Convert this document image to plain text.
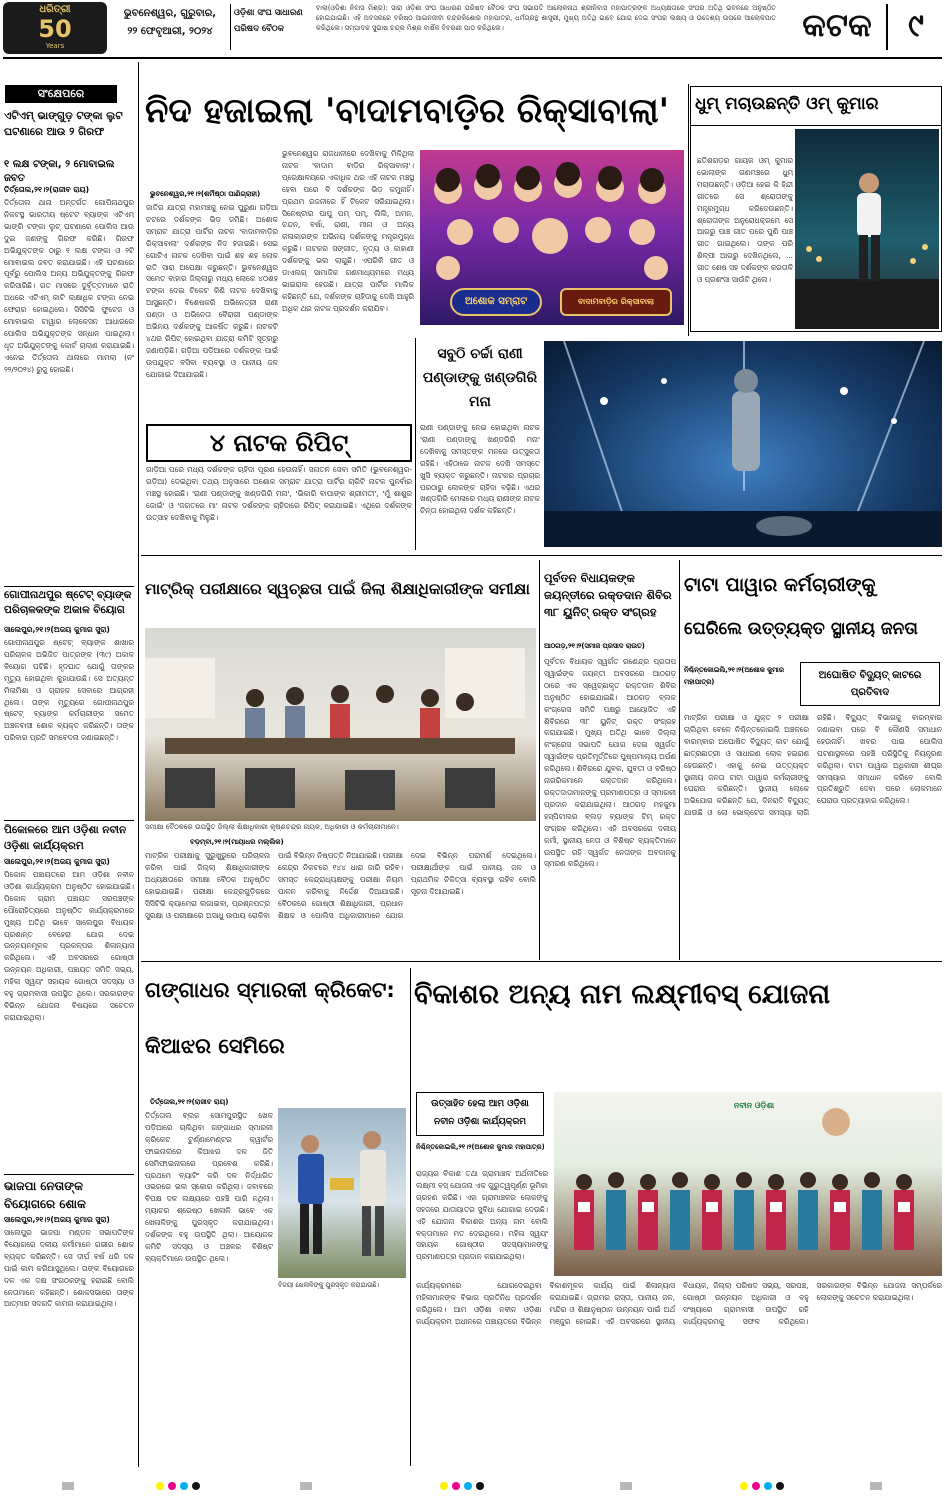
ଧରିତ୍ରୀ
50
Years
ଭୁବନେଶ୍ୱର, ଗୁରୁବାର,
୨୨ ଫେବୃଆରୀ, ୨୦୨୪
ଓଡ଼ିଶା ସଂଘ ସାଧାରଣ
ପରିଷଦ ବୈଠକ
ବାଲା(ଓଡ଼ିଶା ନିବାସ ମିଶ୍ର): ସାରା ଓଡ଼ିଶା ସଂଘ ସାଧାରଣ ପରିଷଦ ବୈଠକ ସଂଘ ସଭାପତି ଆଲୋକନାଥ ଶ୍ରୀନିବାସ ମହାପାତ୍ରଙ୍କ ଅଧ୍ୟକ୍ଷତାରେ ସଂଘର ଅତିଥି ଭବନରେ ଅନୁଷ୍ଠିତ ହୋଇଯାଇଛି। ଏହି ଅବସରରେ ବରିଷ୍ଠ ଆଇନଜୀବୀ ଚନ୍ଦ୍ରକିଶୋର ମହାପାତ୍ର, ଧର୍ମଗ୍ରନ୍ଥ ଶାସ୍ତ୍ରୀ, ମୁଖ୍ୟ ଅତିଥି ଭାବେ ଯୋଗ ଦେଇ ସଂଘର ଲକ୍ଷ୍ୟ ଓ ଉଦ୍ଦେଶ୍ୟ ଉପରେ ଆଲୋକପାତ କରିଥିଲେ। ସମ୍ପାଦକ ସୁଭାଷ ଚନ୍ଦ୍ର ମିଶ୍ର ବାର୍ଷିକ ବିବରଣୀ ପାଠ କରିଥିଲେ।	କଟକ	୯
ସଂକ୍ଷେପରେ
ଏଟିଏମ୍ ଭାଙ୍ଗୁଡ଼ ଟଙ୍କା ଲୁଟ ଘଟଣାରେ ଆଉ ୨ ଗିରଫ
୧ ଲକ୍ଷ ଟଙ୍କା, ୨ ମୋବାଇଲ ଜବତ
ତିର୍ତ୍ତୋଲ,୨୧।୨(ରାଜୀବ ରାୟ)
ତିର୍ତ୍ତୋଲ ଥାନା ଅନ୍ତର୍ଗତ ଗୋପିନାଥପୁର ନିକଟସ୍ଥ ଭାରତୀୟ ଷ୍ଟେଟ ବ୍ୟାଙ୍କ ଏଟିଏମ୍ ଭାଙ୍ଗି ଟଙ୍କା ଲୁଟ୍ ଘଟଣାରେ ପୋଲିସ ଆଉ ଦୁଇ ଜଣଙ୍କୁ ଗିରଫ କରିଛି। ଗିରଫ ଅଭିଯୁକ୍ତଙ୍କ ଠାରୁ ୧ ଲକ୍ଷ ଟଙ୍କା ଓ ୨ଟି ମୋବାଇଲ ଜବତ କରାଯାଇଛି। ଏହି ଘଟଣାରେ ପୂର୍ବରୁ ପୋଲିସ ଅନ୍ୟ ଅଭିଯୁକ୍ତଙ୍କୁ ଗିରଫ କରିସାରିଛି। ଗତ ମାସରେ ଦୁର୍ବୃତ୍ତମାନେ ରାତି ଅଧରେ ଏଟିଏମ୍ କାଟି ଲକ୍ଷାଧିକ ଟଙ୍କା ନେଇ ଫେରାର ହୋଇଥିଲେ। ସିସିଟିଭି ଫୁଟେଜ ଓ ମୋବାଇଲ ଟାୱାର ଲୋକେସନ ଆଧାରରେ ପୋଲିସ ଅଭିଯୁକ୍ତଙ୍କ ସନ୍ଧାନ ପାଇଥିଲା। ଧୃତ ଅଭିଯୁକ୍ତଙ୍କୁ କୋର୍ଟ ଚାଲାଣ କରାଯାଇଛି। ଏନେଇ ତିର୍ତ୍ତୋଲ ଥାନାରେ ମାମଲା (ନଂ ୨୨/୨୦୨୪) ରୁଜୁ ହୋଇଛି।
ଗୋପୀନାଥପୁର ଷ୍ଟେଟ୍ ବ୍ୟାଙ୍କ ପରିଚାଳକଙ୍କ ଅକାଳ ବିୟୋଗ
ସାଲେପୁର,୨୧।୨(ଅଜୟ କୁମାର ସୁରା)
ଗୋପୀନାଥପୁର ଷ୍ଟେଟ୍ ବ୍ୟାଙ୍କ ଶାଖାର ପରିଚାଳକ ଅଭିଜିତ ପାତ୍ରଙ୍କ (୩୯) ଅକାଳ ବିୟୋଗ ଘଟିଛି। ହୃଦଘାତ ଯୋଗୁଁ ତାଙ୍କର ମୃତ୍ୟୁ ହୋଇଥିବା କୁହାଯାଉଛି। ସେ ଅତ୍ୟନ୍ତ ମିଳାମିଶା ଓ ଗ୍ରାହକ ସେବାରେ ଆଗ୍ରହୀ ଥିଲେ। ତାଙ୍କ ମୃତ୍ୟୁରେ ଗୋପୀନାଥପୁର ଷ୍ଟେଟ୍ ବ୍ୟାଙ୍କ କର୍ମଚାରୀଙ୍କ ସମେତ ଅଞ୍ଚଳବାସୀ ଶୋକ ବ୍ୟକ୍ତ କରିଛନ୍ତି। ତାଙ୍କ ପରିବାର ପ୍ରତି ସମବେଦନା ଜଣାଇଛନ୍ତି।
ପିକୋଳରେ ଆମ ଓଡ଼ିଶା ନବୀନ ଓଡ଼ିଶା କାର୍ଯ୍ୟକ୍ରମ
ସାଲେପୁର,୨୧।୨(ଅଜୟ କୁମାର ସୁରା)
ପିକୋଳ ପଞ୍ଚାୟତରେ ଆମ ଓଡ଼ିଶା ନବୀନ ଓଡ଼ିଶା କାର୍ଯ୍ୟକ୍ରମ ଅନୁଷ୍ଠିତ ହୋଇଯାଇଛି। ପିକୋଳ ଗ୍ରାମ ପଞ୍ଚାୟତ ସରପଞ୍ଚଙ୍କ ପୌରୋହିତ୍ୟରେ ଅନୁଷ୍ଠିତ କାର୍ଯ୍ୟକ୍ରମରେ ମୁଖ୍ୟ ଅତିଥି ଭାବେ ସାଲେପୁର ବିଧାୟକ ପ୍ରଶାନ୍ତ ବେହେରା ଯୋଗ ଦେଇ ଉନ୍ନୟନମୂଳକ ପ୍ରକଳ୍ପର ଶିଳାନ୍ୟାସ କରିଥିଲେ। ଏହି ଅବସରରେ ଗୋଷ୍ଠୀ ଉନ୍ନୟନ ଅଧିକାରୀ, ପଞ୍ଚାୟତ ସମିତି ସଭ୍ୟ, ମହିଳା ସ୍ୱୟଂ ସହାୟକ ଗୋଷ୍ଠୀ ସଦସ୍ୟା ଓ ବହୁ ଗ୍ରାମବାସୀ ଉପସ୍ଥିତ ଥିଲେ। ସରକାରଙ୍କ ବିଭିନ୍ନ ଯୋଜନା ବିଷୟରେ ସଚେତନ କରାଯାଇଥିଲା।
ଭାଜପା ନେତାଙ୍କ ବିୟୋଗରେ ଶୋକ
ସାଲେପୁର,୨୧।୨(ଅଜୟ କୁମାର ସୁରା)
ସାଲେପୁର ଭାଜପା ମଣ୍ଡଳ ସଭାପତିଙ୍କ ବିୟୋଗରେ ଦଳୀୟ କର୍ମୀମାନେ ଗଭୀର ଶୋକ ବ୍ୟକ୍ତ କରିଛନ୍ତି। ସେ ଦୀର୍ଘ ବର୍ଷ ଧରି ଦଳ ପାଇଁ କାମ କରିଆସୁଥିଲେ। ତାଙ୍କ ବିୟୋଗରେ ଦଳ ଏକ ଦକ୍ଷ ସଂଗଠକଙ୍କୁ ହରାଇଛି ବୋଲି ନେତାମାନେ କହିଛନ୍ତି। ଶୋକସଭାରେ ତାଙ୍କ ଆତ୍ମାର ସଦଗତି କାମନା କରାଯାଇଥିଲା।
ନିଦ ହଜାଇଲା 'ବାଦାମବାଡ଼ିର ରିକ୍ସାବାଲା'
ଭୁବନେଶ୍ୱର,୨୧।୨(ଶର୍ମିଷ୍ଠା ପାଣିଗ୍ରାହୀ)
ଜାତିର ଯାତ୍ରା ମହାମଞ୍ଚକୁ ନେଇ ପୁରୁଣା ଗଡ଼ିଆ ଚଟରେ ଦର୍ଶକଙ୍କ ଭିଡ଼ ଜମିଛି। ଅଶୋକ ସମ୍ରାଟ ଯାତ୍ରା ପାର୍ଟିର ନାଟକ 'ବାଦାମବାଡ଼ିର ରିକ୍ସାବାଲା' ଦର୍ଶକଙ୍କ ନିଦ ହଜାଇଛି। ସେଇ ଗୋଟିଏ ନାଟକ ଦେଖିବା ପାଇଁ ଶହ ଶହ ଲୋକ ରାତି ସାରା ଅପେକ୍ଷା କରୁଛନ୍ତି। ଭୁବନେଶ୍ୱର ସମେତ ବାହାର ଜିଲ୍ଲାରୁ ମଧ୍ୟ ଲୋକେ ୪୦ଶହ ଟଙ୍କା ଦେଇ ଟିକେଟ କିଣି ନାଟକ ଦେଖିବାକୁ ଆସୁଛନ୍ତି। ବିଶେଷକରି ଅଭିନେତ୍ରୀ ରାଣୀ ପଣ୍ଡା ଓ ଅଭିନେତା ବୈରାଗୀ ପଣ୍ଡାଙ୍କ ଅଭିନୟ ଦର୍ଶକଙ୍କୁ ଆକର୍ଷିତ କରୁଛି। ନାଟକଟି ୪ଥର ରିପିଟ୍ ହୋଇଥିବା ଯାତ୍ରା କମିଟି ସୂତ୍ରରୁ ଜଣାପଡ଼ିଛି। ଗଡ଼ିଆ ପଡ଼ିଆରେ ଦର୍ଶକଙ୍କ ପାଇଁ ଉପଯୁକ୍ତ ବସିବା ବ୍ୟବସ୍ଥା ଓ ପାନୀୟ ଜଳ ଯୋଗାଇ ଦିଆଯାଇଛି।
ଭୁବନେଶ୍ୱର ରାଜଧାନୀରେ ଦେଖିବାକୁ ମିଳିଥିଲା ନାଟକ 'ବାଦାମ ବାଡ଼ିର ରିକ୍ସାବାଲା'। ପ୍ରେକ୍ଷାଳୟରେ ଏକାଧିକ ଥର ଏହି ନାଟକ ମଞ୍ଚସ୍ଥ ହେବା ପରେ ବି ଦର୍ଶକଙ୍କ ଭିଡ଼ କମୁନାହିଁ। ପ୍ରଥମ ରଜନୀରେ ହିଁ ଟିକେଟ ସରିଯାଇଥିଲା। ସିନେଷ୍ଟାର ପାପୁ ପମ୍ ପମ୍, ଲିଲି, ଅମନ, ଚନ୍ଦନ, ବର୍ଷା, ରାଣୀ, ମୀନା ଓ ଅନ୍ୟ କଳାକାରଙ୍କ ଅଭିନୟ ଦର୍ଶକଙ୍କୁ ମନ୍ତ୍ରମୁଗ୍ଧ କରୁଛି। ନାଟକର ସଙ୍ଗୀତ, ନୃତ୍ୟ ଓ କାହାଣୀ ଦର୍ଶକଙ୍କୁ ଭଲ ଲାଗୁଛି। ଏପରିକି ଗୀତ ଓ ଡାଏଲଗ୍ ସାମାଜିକ ଗଣମାଧ୍ୟମରେ ମଧ୍ୟ ଭାଇରାଲ ହେଉଛି। ଯାତ୍ରା ପାର୍ଟିର ମାଲିକ କହିଛନ୍ତି ଯେ, ଦର୍ଶକଙ୍କ ଚାହିଦାକୁ ଦେଖି ଆହୁରି ଅଧିକ ଥର ନାଟକ ପ୍ରଦର୍ଶନ କରାଯିବ।
ଅଶୋକ ସମ୍ରାଟ	ବାଦାମବାଡ଼ିର ରିକ୍ସାବାଲା
ଧୁମ୍ ମଚାଉଛନ୍ତି ଓମ୍ କୁମାର
ଛତିଶଗଡ଼ର ଗାୟକ ଓମ୍ କୁମାର ଭୋଲାଙ୍କ ଗଣମଞ୍ଚରେ ଧୁମ୍ ମଚାଉଛନ୍ତି। ଓଡ଼ିଆ ହେଇ କି ହିନ୍ଦୀ ଗୀତରେ ସେ ଶ୍ରୋତାଙ୍କୁ ମନ୍ତ୍ରମୁଗ୍ଧ କରିଦେଉଛନ୍ତି। ଶ୍ରୋତାଙ୍କ ଅନୁରୋଧକ୍ରମେ ସେ ଆଗରୁ ପାଞ୍ଚ ଗୀତ ପରେ ପୁଣି ପାଞ୍ଚ ଗୀତ ଗାଇଥିଲେ। ତାଙ୍କ ପରି ଶିଳ୍ପୀ ଆଗରୁ ଦେଖିନଥିଲେ, ... ଗୀତ ଶେଷ ସହ ଦର୍ଶକଙ୍କ କରତାଳି ଓ ପ୍ରଶଂସା ସାଉଁଟି ଥିଲେ।
ସବୁଠି ଚର୍ଚ୍ଚା ରାଣୀ ପଣ୍ଡାଙ୍କୁ ଖଣ୍ଡଗିରି ମନା
ରାଣୀ ପଣ୍ଡାଙ୍କୁ ନେଇ ହୋଇଥିବା ନାଟକ 'ରାଣୀ ପଣ୍ଡାଙ୍କୁ ଖଣ୍ଡଗିରି ମନା' ଦେଖିବାକୁ ସମସ୍ତଙ୍କ ମନରେ ଉତ୍ସୁକତା ରହିଛି। ଏହିଠାରେ ନାଟକ ଦେଖି ସମସ୍ତେ ଖୁସି ବ୍ୟକ୍ତ କରୁଛନ୍ତି। ନାଟକର ପ୍ରଚାର ପରଠାରୁ ଲୋକଙ୍କ ଚାହିଦା ବଢ଼ିଛି। ଏଥର ଖଣ୍ଡଗିରି ମେଳାରେ ମଧ୍ୟ ରାଣୀଙ୍କ ନାଟକ ଚିନ୍ତା ହୋଇଥିଲା ଦର୍ଶକ କହିଛନ୍ତି।
୪ ନାଟକ ରିପିଟ୍
ଗାଡ଼ିଆ ପରେ ମଧ୍ୟ ଦର୍ଶକଙ୍କ ଚାହିଦା ପୂରଣ ହେଉନାହିଁ। ସନାତନ ସେବା ସମିତି (ଭୁବନେଶ୍ୱର-ଗଡ଼ିଆ) ଦେଇଥିବା ତଥ୍ୟ ଅନୁସାରେ ଅଶୋକ ସମ୍ରାଟ ଯାତ୍ରା ପାର୍ଟିର ଚାରିଟି ନାଟକ ପୁନର୍ବାର ମଞ୍ଚସ୍ଥ ହୋଇଛି। 'ରାଣୀ ପଣ୍ଡାଙ୍କୁ ଖଣ୍ଡଗିରି ମନା', 'ଭିକାରି ବାପାଙ୍କ ଶ୍ରୀମତୀ', 'ମୁଁ ଶାଶୁର ଜୋଇଁ' ଓ 'ଜଗତରେ ମା' ନାଟକ ଦର୍ଶକଙ୍କ ଚାହିଦାରେ ରିପିଟ୍ କରାଯାଇଛି। ଏଥିରେ ଦର୍ଶକଙ୍କ ଉତ୍ସାହ ଦେଖିବାକୁ ମିଳୁଛି।
ମାଟ୍ରିକ୍ ପରୀକ୍ଷାରେ ସ୍ୱଚ୍ଛତା ପାଇଁ ଜିଲା ଶିକ୍ଷାଧିକାରୀଙ୍କ ସମୀକ୍ଷା
ସମୀକ୍ଷା ବୈଠକରେ ଉପସ୍ଥିତ ଜିଲ୍ଲା ଶିକ୍ଷାଧିକାରୀ କୃଷ୍ଣଚନ୍ଦ୍ର ନାୟକ, ଅଧିକାରୀ ଓ କର୍ମଚାରୀମାନେ।
ବଡ଼ମ୍ବା,୨୧।୨(ମାୟାଧର ମଲ୍ଲିକ)
ମାଟ୍ରିକ ପରୀକ୍ଷାକୁ ସୁରୁଖୁରୁରେ ପରିଚାଳନା କରିବା ପାଇଁ ଜିଲ୍ଲା ଶିକ୍ଷାଧିକାରୀଙ୍କ ଅଧ୍ୟକ୍ଷତାରେ ସମୀକ୍ଷା ବୈଠକ ଅନୁଷ୍ଠିତ ହୋଇଯାଇଛି। ପରୀକ୍ଷା କେନ୍ଦ୍ରଗୁଡ଼ିକରେ ସିସିଟିଭି କ୍ୟାମେରା ଲଗାଇବା, ପ୍ରଶ୍ନପତ୍ର ସୁରକ୍ଷା ଓ ପରୀକ୍ଷାରେ ଅସାଧୁ ଉପାୟ ରୋକିବା ପାଇଁ ବିଭିନ୍ନ ନିଷ୍ପତ୍ତି ନିଆଯାଇଛି। ପରୀକ୍ଷା କେନ୍ଦ୍ର ନିକଟରେ ୧୪୪ ଧାରା ଜାରି ରହିବ। ସମସ୍ତ କେନ୍ଦ୍ରାଧ୍ୟକ୍ଷଙ୍କୁ ପରୀକ୍ଷା ନିୟମ ପାଳନ କରିବାକୁ ନିର୍ଦ୍ଦେଶ ଦିଆଯାଇଛି। ବୈଠକରେ ଗୋଷ୍ଠୀ ଶିକ୍ଷାଧିକାରୀ, ପ୍ରଧାନ ଶିକ୍ଷକ ଓ ପୋଲିସ ଅଧିକାରୀମାନେ ଯୋଗ ଦେଇ ବିଭିନ୍ନ ପରାମର୍ଶ ଦେଇଥିଲେ। ପରୀକ୍ଷାର୍ଥୀଙ୍କ ପାଇଁ ପାନୀୟ ଜଳ ଓ ପ୍ରାଥମିକ ଚିକିତ୍ସା ବ୍ୟବସ୍ଥା ରହିବ ବୋଲି ସୂଚନା ଦିଆଯାଇଛି।
ପୂର୍ବତନ ବିଧାୟକଙ୍କ ଜୟନ୍ତୀରେ ରକ୍ତଦାନ ଶିବିର ୩୮ ୟୁନିଟ୍ ରକ୍ତ ସଂଗ୍ରହ
ଆଠଗଡ଼,୨୧।୨(ସମାଜ ପ୍ରସାଦ ରାଉତ)
ପୂର୍ବତନ ବିଧାୟକ ସ୍ୱର୍ଗତ ରଣେନ୍ଦ୍ର ପ୍ରତାପ ସ୍ୱାଇଁଙ୍କ ଜୟନ୍ତୀ ଅବସରରେ ଆଠଗଡ଼ ଠାରେ ଏକ ସ୍ୱେଚ୍ଛାକୃତ ରକ୍ତଦାନ ଶିବିର ଅନୁଷ୍ଠିତ ହୋଇଯାଇଛି। ଆଠଗଡ଼ ବ୍ଲକ କଂଗ୍ରେସ ସମିତି ପକ୍ଷରୁ ଆୟୋଜିତ ଏହି ଶିବିରରେ ୩୮ ୟୁନିଟ୍ ରକ୍ତ ସଂଗ୍ରହ କରାଯାଇଛି। ମୁଖ୍ୟ ଅତିଥି ଭାବେ ଜିଲ୍ଲା କଂଗ୍ରେସ ସଭାପତି ଯୋଗ ଦେଇ ସ୍ୱର୍ଗତ ସ୍ୱାଇଁଙ୍କ ପ୍ରତିମୂର୍ତ୍ତିରେ ପୁଷ୍ପମାଲ୍ୟ ଅର୍ପଣ କରିଥିଲେ। ଶିବିରରେ ଯୁବକ, ଯୁବତୀ ଓ ବରିଷ୍ଠ ନାଗରିକମାନେ ରକ୍ତଦାନ କରିଥିଲେ। ରକ୍ତଦାତାମାନଙ୍କୁ ପ୍ରମାଣପତ୍ର ଓ ସ୍ମାରକୀ ପ୍ରଦାନ କରାଯାଇଥିଲା। ଆଠଗଡ଼ ମହକୁମା ହସ୍ପିଟାଲର ବ୍ଲଡ଼ ବ୍ୟାଙ୍କ ଟିମ୍ ରକ୍ତ ସଂଗ୍ରହ କରିଥିଲେ। ଏହି ଅବସରରେ ଦଳୀୟ କର୍ମୀ, ସ୍ଥାନୀୟ ନେତା ଓ ବିଶିଷ୍ଟ ବ୍ୟକ୍ତିମାନେ ଉପସ୍ଥିତ ରହି ସ୍ୱର୍ଗତ ନେତାଙ୍କ ଅବଦାନକୁ ସ୍ମରଣ କରିଥିଲେ।
ଟାଟା ପାୱାର କର୍ମଚାରୀଙ୍କୁ
ଘେରିଲେ ଉତ୍ତ୍ୟକ୍ତ ସ୍ଥାନୀୟ ଜନତା
ନିଶ୍ଚିନ୍ତକୋଇଲି,୨୧।୨(ଅଶୋକ କୁମାର ମହାପାତ୍ର)
ଅଘୋଷିତ ବିଦ୍ୟୁତ୍ କାଟରେ ପ୍ରତିବାଦ
ମାଟ୍ରିକ ପରୀକ୍ଷା ଓ ଯୁକ୍ତ ୨ ପରୀକ୍ଷା ଚାଲିଥିବା ବେଳେ ନିଶ୍ଚିନ୍ତକୋଇଲି ଅଞ୍ଚଳରେ ବାରମ୍ବାର ଅଘୋଷିତ ବିଦ୍ୟୁତ୍ କାଟ ଯୋଗୁଁ ଛାତ୍ରଛାତ୍ରୀ ଓ ସାଧାରଣ ଲୋକ ହଇରାଣ ହେଉଛନ୍ତି। ଏହାକୁ ନେଇ ଉତ୍ତ୍ୟକ୍ତ ସ୍ଥାନୀୟ ଜନତା ଟାଟା ପାୱାର କର୍ମଚାରୀଙ୍କୁ ଘେରାଉ କରିଛନ୍ତି। ସ୍ଥାନୀୟ ଲୋକେ ଅଭିଯୋଗ କରିଛନ୍ତି ଯେ, ଦିନରାତି ବିଦ୍ୟୁତ୍ ଯାଉଛି ଓ ଲୋ ଭୋଲ୍ଟେଜ ସମସ୍ୟା ଲାଗି ରହିଛି। ବିଦ୍ୟୁତ୍ ବିଭାଗକୁ ବାରମ୍ବାର ଜଣାଇବା ପରେ ବି କୌଣସି ସମାଧାନ ହେଉନାହିଁ। ଖବର ପାଇ ପୋଲିସ ଘଟଣାସ୍ଥଳରେ ପହଞ୍ଚି ପରିସ୍ଥିତିକୁ ନିୟନ୍ତ୍ରଣ କରିଥିଲା। ଟାଟା ପାୱାର ଅଧିକାରୀ ଶୀଘ୍ର ସମସ୍ୟାର ସମାଧାନ କରିବେ ବୋଲି ପ୍ରତିଶ୍ରୁତି ଦେବା ପରେ ଲୋକମାନେ ଘେରାଉ ପ୍ରତ୍ୟାହାର କରିଥିଲେ।
ଗଙ୍ଗାଧର ସ୍ମାରକୀ କ୍ରିକେଟ:
କିଆଝର ସେମିରେ
ତିର୍ତ୍ତୋଲ,୨୧।୨(ରାଜୀବ ରାୟ)
ବିଜୟୀ ଖେଳାଳିଙ୍କୁ ପୁରସ୍କୃତ କରାଯାଉଛି।
ତିର୍ତ୍ତୋଲ ବ୍ଲକ ସୋମପୁରସ୍ଥିତ ଖେଳ ପଡ଼ିଆରେ ଚାଲିଥିବା ଗଙ୍ଗାଧର ସ୍ମାରକୀ କ୍ରିକେଟ ଟୁର୍ଣ୍ଣାମେଣ୍ଟର କ୍ୱାର୍ଟର ଫାଇନାଲରେ କିଆଝର ଦଳ ଜିତି ସେମିଫାଇନାଲରେ ପ୍ରବେଶ କରିଛି। ପ୍ରଥମେ ବ୍ୟାଟିଂ କରି ଦଳ ନିର୍ଦ୍ଧାରିତ ଓଭରରେ ଭଲ ସ୍କୋର କରିଥିଲା। ଜବାବରେ ବିପକ୍ଷ ଦଳ ଲକ୍ଷ୍ୟରେ ପହଞ୍ଚି ପାରି ନଥିଲା। ମ୍ୟାଚର ଶ୍ରେଷ୍ଠ ଖେଳାଳି ଭାବେ ଏକ ଖେଳାଳିଙ୍କୁ ପୁରସ୍କୃତ କରାଯାଇଥିଲା। ଦର୍ଶକଙ୍କ ବହୁ ଉପସ୍ଥିତି ଥିଲା। ଆୟୋଜକ କମିଟି ସଦସ୍ୟ ଓ ଅଞ୍ଚଳର ବିଶିଷ୍ଟ ବ୍ୟକ୍ତିମାନେ ଉପସ୍ଥିତ ଥିଲେ।
ବିକାଶର ଅନ୍ୟ ନାମ ଲକ୍ଷ୍ମୀବସ୍ ଯୋଜନା
ଉତ୍ସାହିତ ହେଲା ଆମ ଓଡ଼ିଶା
ନବୀନ ଓଡ଼ିଶା କାର୍ଯ୍ୟକ୍ରମ
ନିଶ୍ଚିନ୍ତକୋଇଲି,୨୧।୨(ଅଶୋକ କୁମାର ମହାପାତ୍ର)
ରାଜ୍ୟର ବିକାଶ ତଥା ଗ୍ରାମାଞ୍ଚଳ ଅର୍ଥନୀତିରେ ଲକ୍ଷ୍ମୀ ବସ୍ ଯୋଜନା ଏକ ଗୁରୁତ୍ୱପୂର୍ଣ୍ଣ ଭୂମିକା ଗ୍ରହଣ କରିଛି। ଏହା ଗ୍ରାମାଞ୍ଚଳର ଲୋକଙ୍କୁ ସହଜରେ ଯାତାୟାତର ସୁବିଧା ଯୋଗାଇ ଦେଉଛି। ଏହି ଯୋଜନା ବିକାଶର ଅନ୍ୟ ନାମ ବୋଲି ବକ୍ତାମାନେ ମତ ଦେଇଥିଲେ। ମହିଳା ସ୍ୱୟଂ ସହାୟକ ଗୋଷ୍ଠୀର ସଦସ୍ୟାମାନଙ୍କୁ ପ୍ରମାଣପତ୍ର ପ୍ରଦାନ କରାଯାଇଥିଲା।
ନବୀନ ଓଡ଼ିଶା
କାର୍ଯ୍ୟକ୍ରମରେ ଯୋଗଦେଇଥିବା ମହିଳାମାନଙ୍କ ବିଭାଗ ପ୍ରତିନିଧ ପ୍ରଦର୍ଶନ କରିଥିଲେ। ଆମ ଓଡ଼ିଶା ନବୀନ ଓଡ଼ିଶା କାର୍ଯ୍ୟକ୍ରମ ଅଧୀନରେ ପଞ୍ଚାୟତରେ ବିଭିନ୍ନ ବିକାଶମୂଳକ କାର୍ଯ୍ୟ ପାଇଁ ଶିଳାନ୍ୟାସ କରାଯାଇଛି। ଗ୍ରାମର ରାସ୍ତା, ପାନୀୟ ଜଳ, ମନ୍ଦିର ଓ ଶିକ୍ଷାନୁଷ୍ଠାନ ଉନ୍ନୟନ ପାଇଁ ଅର୍ଥ ମଞ୍ଜୁର ହୋଇଛି। ଏହି ଅବସରରେ ସ୍ଥାନୀୟ ବିଧାୟକ, ଜିଲ୍ଲା ପରିଷଦ ସଭ୍ୟ, ସରପଞ୍ଚ, ଗୋଷ୍ଠୀ ଉନ୍ନୟନ ଅଧିକାରୀ ଓ ବହୁ ସଂଖ୍ୟାରେ ଗ୍ରାମବାସୀ ଉପସ୍ଥିତ ରହି କାର୍ଯ୍ୟକ୍ରମକୁ ସଫଳ କରିଥିଲେ। ସରକାରଙ୍କ ବିଭିନ୍ନ ଯୋଜନା ସମ୍ପର୍କରେ ଲୋକଙ୍କୁ ସଚେତନ କରାଯାଇଥିଲା।
